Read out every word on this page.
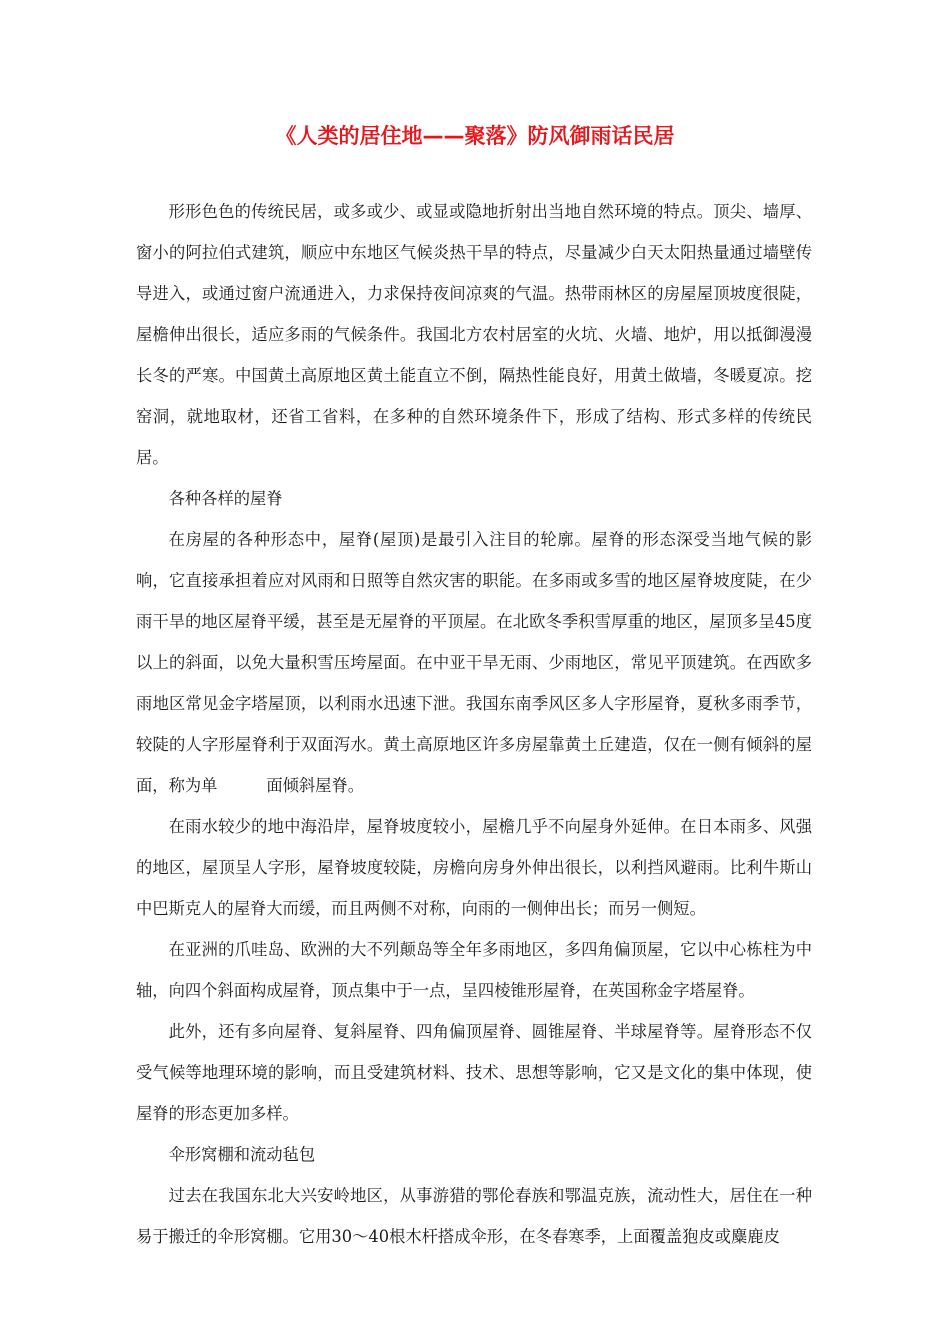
《人类的居住地——聚落》防风御雨话民居

形形色色的传统民居，或多或少、或显或隐地折射出当地自然环境的特点。顶尖、墙厚、窗小的阿拉伯式建筑，顺应中东地区气候炎热干旱的特点，尽量减少白天太阳热量通过墙壁传导进入，或通过窗户流通进入，力求保持夜间凉爽的气温。热带雨林区的房屋屋顶坡度很陡，屋檐伸出很长，适应多雨的气候条件。我国北方农村居室的火坑、火墙、地炉，用以抵御漫漫长冬的严寒。中国黄土高原地区黄土能直立不倒，隔热性能良好，用黄土做墙，冬暖夏凉。挖窑洞，就地取材，还省工省料，在多种的自然环境条件下，形成了结构、形式多样的传统民居。

各种各样的屋脊

在房屋的各种形态中，屋脊(屋顶)是最引入注目的轮廓。屋脊的形态深受当地气候的影响，它直接承担着应对风雨和日照等自然灾害的职能。在多雨或多雪的地区屋脊坡度陡，在少雨干旱的地区屋脊平缓，甚至是无屋脊的平顶屋。在北欧冬季积雪厚重的地区，屋顶多呈45度以上的斜面，以免大量积雪压垮屋面。在中亚干旱无雨、少雨地区，常见平顶建筑。在西欧多雨地区常见金字塔屋顶，以利雨水迅速下泄。我国东南季风区多人字形屋脊，夏秋多雨季节，较陡的人字形屋脊利于双面泻水。黄土高原地区许多房屋靠黄土丘建造，仅在一侧有倾斜的屋面，称为单	面倾斜屋脊。

在雨水较少的地中海沿岸，屋脊坡度较小，屋檐几乎不向屋身外延伸。在日本雨多、风强的地区，屋顶呈人字形，屋脊坡度较陡，房檐向房身外伸出很长，以利挡风避雨。比利牛斯山中巴斯克人的屋脊大而缓，而且两侧不对称，向雨的一侧伸出长；而另一侧短。

在亚洲的爪哇岛、欧洲的大不列颠岛等全年多雨地区，多四角偏顶屋，它以中心栋柱为中轴，向四个斜面构成屋脊，顶点集中于一点，呈四棱锥形屋脊，在英国称金字塔屋脊。

此外，还有多向屋脊、复斜屋脊、四角偏顶屋脊、圆锥屋脊、半球屋脊等。屋脊形态不仅受气候等地理环境的影响，而且受建筑材料、技术、思想等影响，它又是文化的集中体现，使屋脊的形态更加多样。

伞形窝棚和流动毡包

过去在我国东北大兴安岭地区，从事游猎的鄂伦春族和鄂温克族，流动性大，居住在一种易于搬迁的伞形窝棚。它用30～40根木杆搭成伞形，在冬春寒季，上面覆盖狍皮或麋鹿皮
